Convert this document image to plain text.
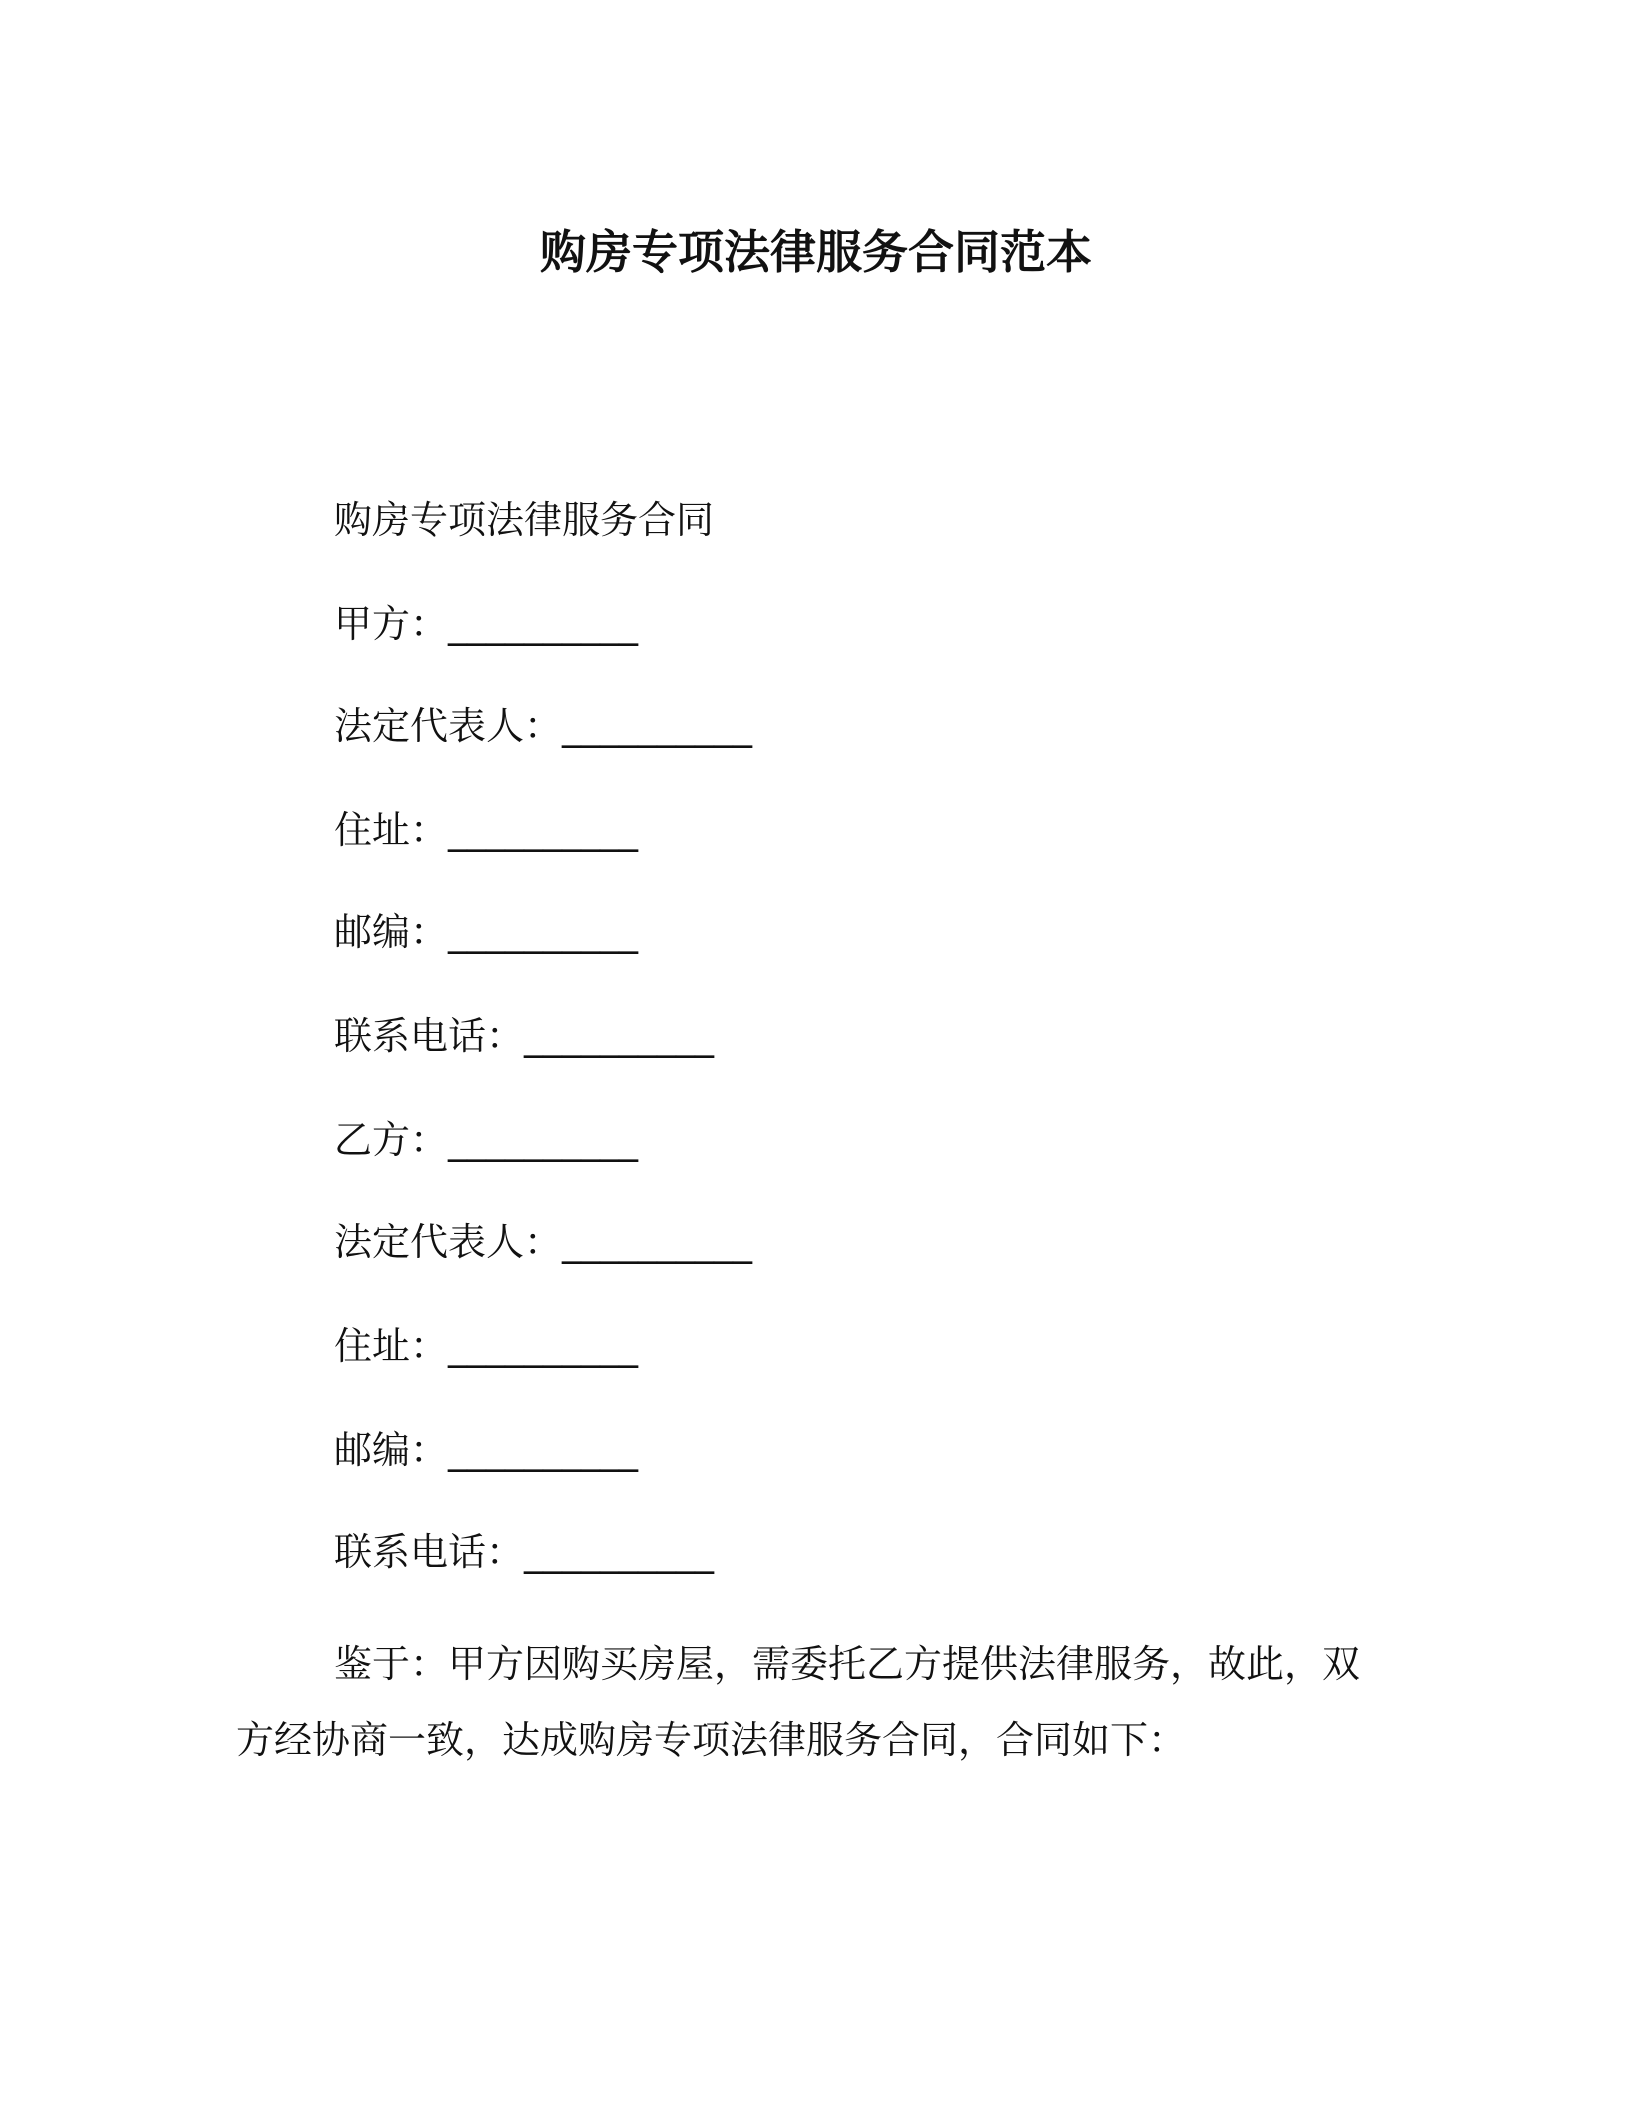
购房专项法律服务合同范本
购房专项法律服务合同
甲方：__________
法定代表人：__________
住址：__________
邮编：__________
联系电话：__________
乙方：__________
法定代表人：__________
住址：__________
邮编：__________
联系电话：__________
鉴于：甲方因购买房屋，需委托乙方提供法律服务，故此，双方经协商一致，达成购房专项法律服务合同，合同如下：
